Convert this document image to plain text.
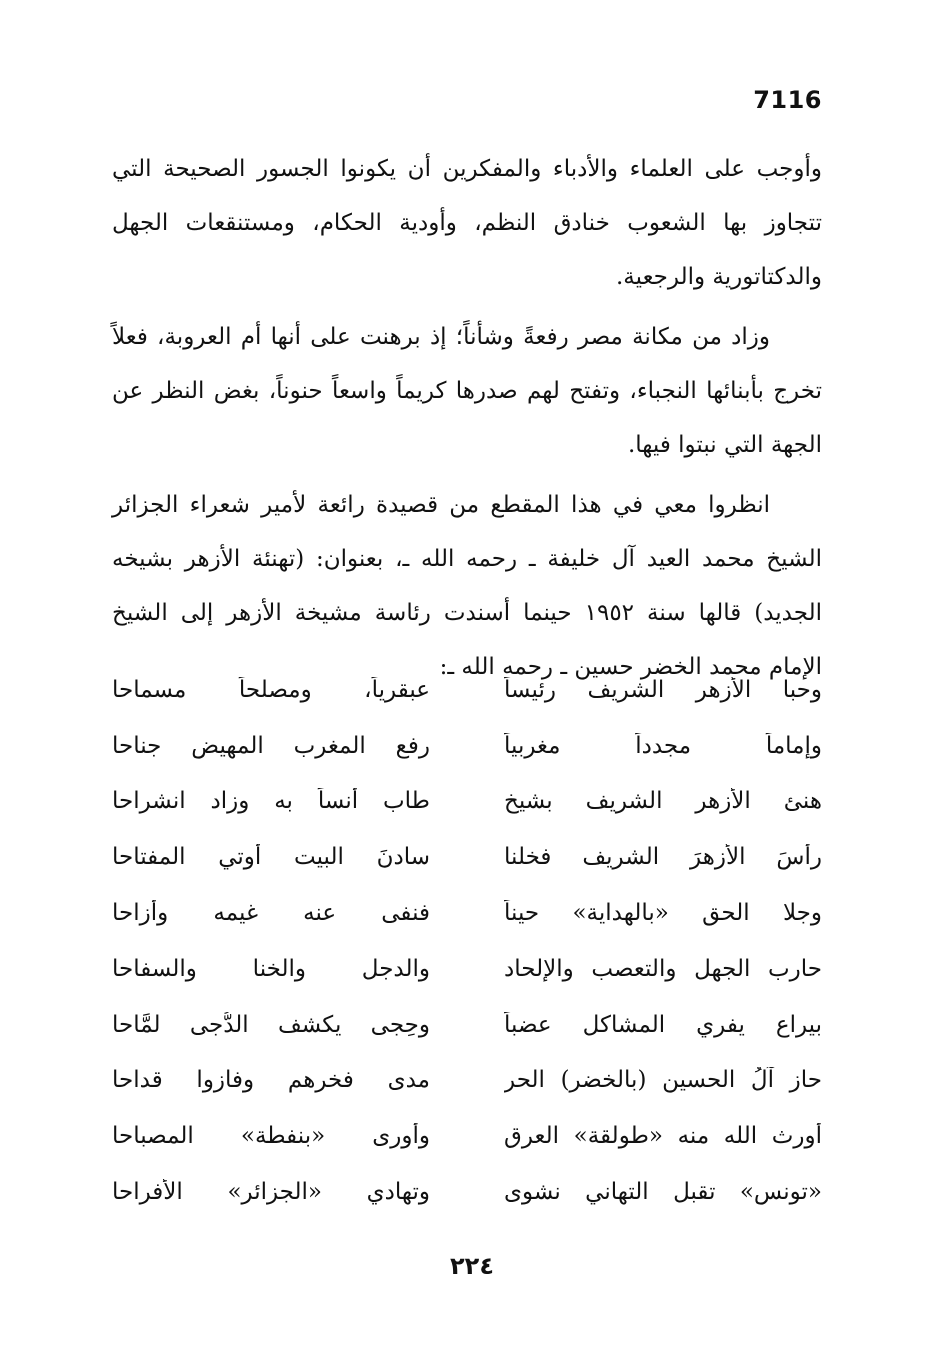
7116

وأوجب على العلماء والأدباء والمفكرين أن يكونوا الجسور الصحيحة التي تتجاوز بها الشعوب خنادق النظم، وأودية الحكام، ومستنقعات الجهل والدكتاتورية والرجعية.

وزاد من مكانة مصر رفعةً وشأناً؛ إذ برهنت على أنها أم العروبة، فعلاً تخرج بأبنائها النجباء، وتفتح لهم صدرها كريماً واسعاً حنوناً، بغض النظر عن الجهة التي نبتوا فيها.

انظروا معي في هذا المقطع من قصيدة رائعة لأمير شعراء الجزائر الشيخ محمد العيد آل خليفة ـ رحمه الله ـ، بعنوان: (تهنئة الأزهر بشيخه الجديد) قالها سنة ١٩٥٢ حينما أسندت رئاسة مشيخة الأزهر إلى الشيخ الإمام محمد الخضر حسين ـ رحمه الله ـ:

وحبا الأزهر الشريف رئيساً
عبقرياً، ومصلحاً مسماحا
وإماماً مجدداً مغربياً
رفع المغرب المهيض جناحا
هنئ الأزهر الشريف بشيخٍ
طاب أنساً به وزاد انشراحا
رأسَ الأزهرَ الشريف فخلنا
سادنَ البيت أوتي المفتاحا
وجلا الحق «بالهداية» حيناً
فنفى عنه غيمه وأزاحا
حارب الجهل والتعصب والإلحاد
والدجل والخنا والسفاحا
بيراع يفري المشاكل عضباً
وحِجى يكشف الدُّجى لمَّاحا
حاز آلُ الحسين (بالخضر) الحر
مدى فخرهم وفازوا قداحا
أورث الله منه «طولقة» العرق
وأورى «بنفطة» المصباحا
«تونس» تقبل التهاني نشوى
وتهادي «الجزائر» الأفراحا
٢٢٤
